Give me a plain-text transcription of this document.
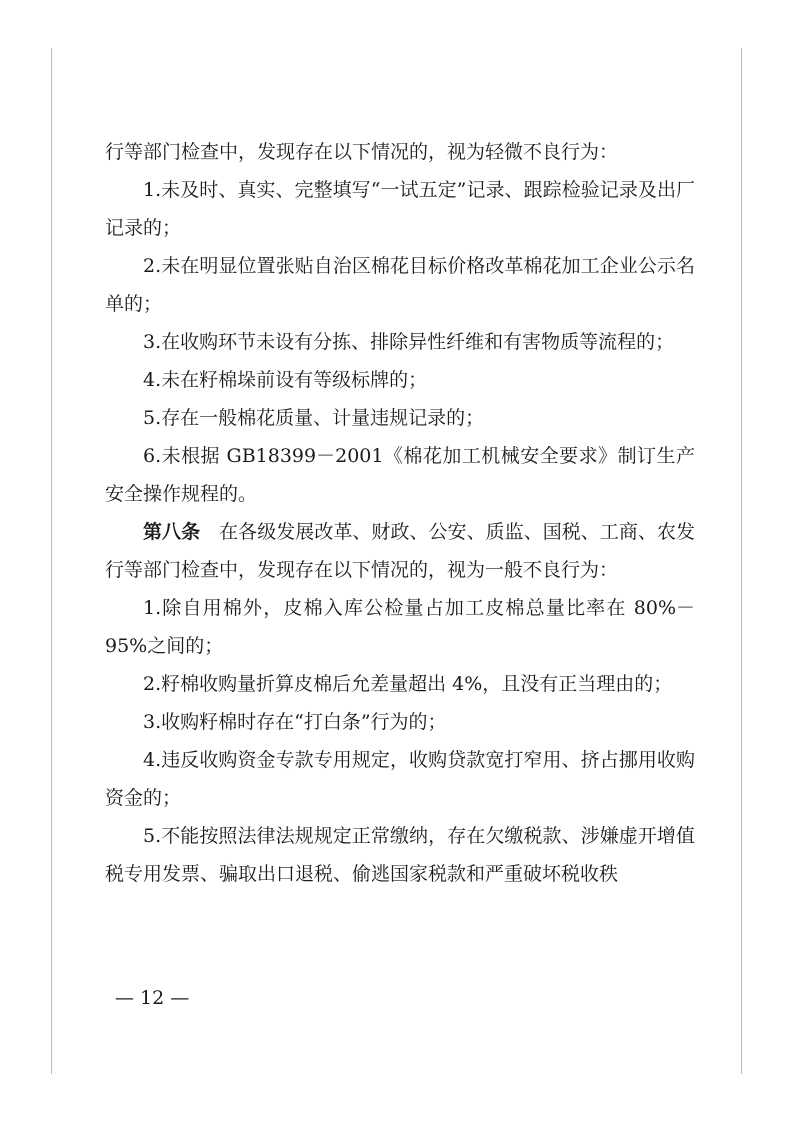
行等部门检查中，发现存在以下情况的，视为轻微不良行为：

1.未及时、真实、完整填写“一试五定”记录、跟踪检验记录及出厂记录的；

2.未在明显位置张贴自治区棉花目标价格改革棉花加工企业公示名单的；

3.在收购环节未设有分拣、排除异性纤维和有害物质等流程的；

4.未在籽棉垛前设有等级标牌的；

5.存在一般棉花质量、计量违规记录的；

6.未根据 GB18399－2001《棉花加工机械安全要求》制订生产安全操作规程的。

第八条　在各级发展改革、财政、公安、质监、国税、工商、农发行等部门检查中，发现存在以下情况的，视为一般不良行为：

1.除自用棉外，皮棉入库公检量占加工皮棉总量比率在 80%－95%之间的；

2.籽棉收购量折算皮棉后允差量超出 4%，且没有正当理由的；

3.收购籽棉时存在“打白条”行为的；

4.违反收购资金专款专用规定，收购贷款宽打窄用、挤占挪用收购资金的；

5.不能按照法律法规规定正常缴纳，存在欠缴税款、涉嫌虚开增值税专用发票、骗取出口退税、偷逃国家税款和严重破坏税收秩

— 12 —
